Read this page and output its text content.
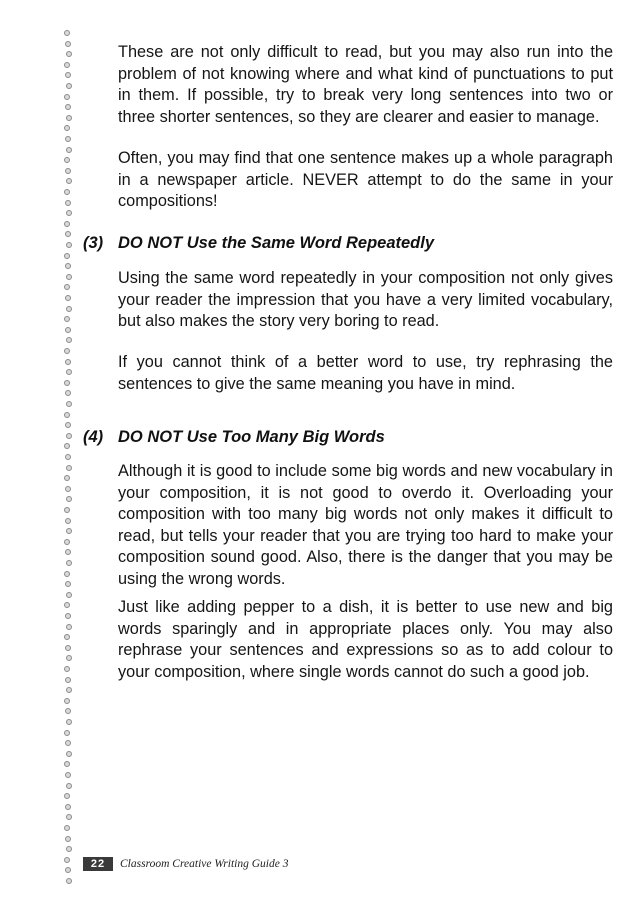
These are not only difficult to read, but you may also run into the problem of not knowing where and what kind of punctuations to put in them. If possible, try to break very long sentences into two or three shorter sentences, so they are clearer and easier to manage.

Often, you may find that one sentence makes up a whole paragraph in a newspaper article. NEVER attempt to do the same in your compositions!

(3) DO NOT Use the Same Word Repeatedly

Using the same word repeatedly in your composition not only gives your reader the impression that you have a very limited vocabulary, but also makes the story very boring to read.

If you cannot think of a better word to use, try rephrasing the sentences to give the same meaning you have in mind.

(4) DO NOT Use Too Many Big Words

Although it is good to include some big words and new vocabulary in your composition, it is not good to overdo it. Overloading your composition with too many big words not only makes it difficult to read, but tells your reader that you are trying too hard to make your composition sound good. Also, there is the danger that you may be using the wrong words.

Just like adding pepper to a dish, it is better to use new and big words sparingly and in appropriate places only. You may also rephrase your sentences and expressions so as to add colour to your composition, where single words cannot do such a good job.

22	Classroom Creative Writing Guide 3
